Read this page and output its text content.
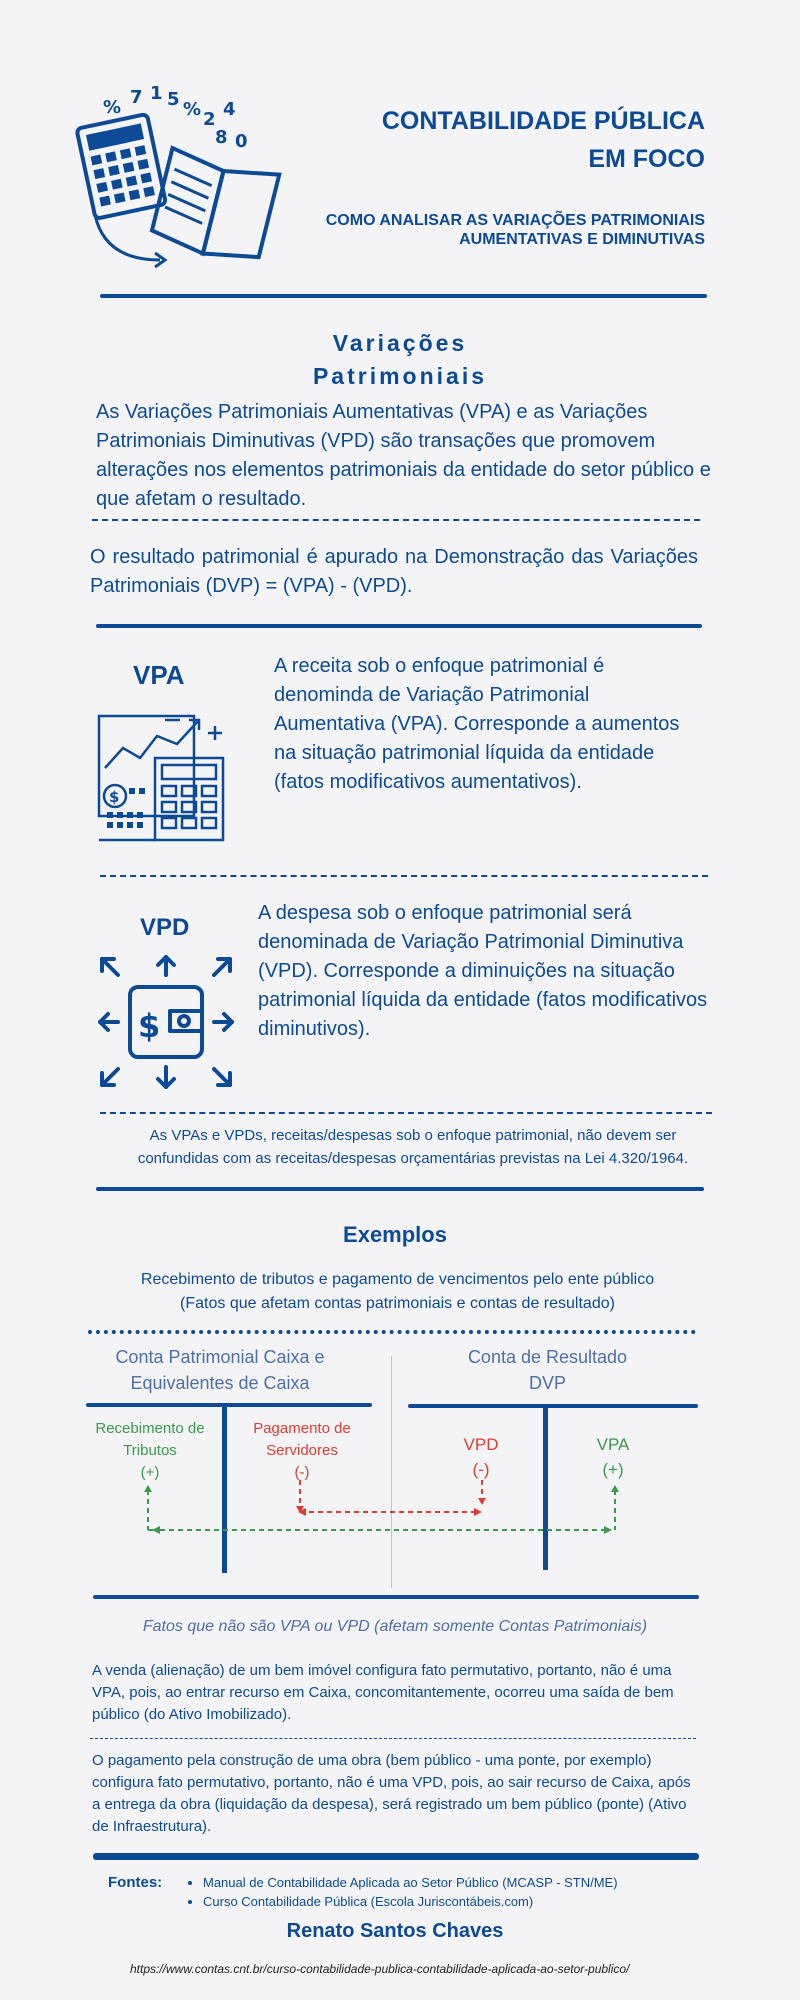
% 7 1 5 % 2 4
8 0
CONTABILIDADE PÚBLICA
EM FOCO
COMO ANALISAR AS VARIAÇÕES PATRIMONIAIS
AUMENTATIVAS E DIMINUTIVAS
Variações
Patrimoniais
As Variações Patrimoniais Aumentativas (VPA) e as Variações Patrimoniais Diminutivas (VPD) são transações que promovem alterações nos elementos patrimoniais da entidade do setor público e que afetam o resultado.
O resultado patrimonial é apurado na Demonstração das Variações Patrimoniais (DVP) = (VPA) - (VPD).
VPA
$
A receita sob o enfoque patrimonial é denominda de Variação Patrimonial Aumentativa (VPA). Corresponde a aumentos na situação patrimonial líquida da entidade (fatos modificativos aumentativos).
VPD
$
A despesa sob o enfoque patrimonial será denominada de Variação Patrimonial Diminutiva (VPD). Corresponde a diminuições na situação patrimonial líquida da entidade (fatos modificativos diminutivos).
As VPAs e VPDs, receitas/despesas sob o enfoque patrimonial, não devem ser confundidas com as receitas/despesas orçamentárias previstas na Lei 4.320/1964.
Exemplos
Recebimento de tributos e pagamento de vencimentos pelo ente público
(Fatos que afetam contas patrimoniais e contas de resultado)
Conta Patrimonial Caixa e
Equivalentes de Caixa
Conta de Resultado
DVP
Recebimento de
Tributos
(+)
Pagamento de
Servidores
(-)
VPD
(-)
VPA
(+)
Fatos que não são VPA ou VPD (afetam somente Contas Patrimoniais)
A venda (alienação) de um bem imóvel configura fato permutativo, portanto, não é uma VPA, pois, ao entrar recurso em Caixa, concomitantemente, ocorreu uma saída de bem público (do Ativo Imobilizado).
O pagamento pela construção de uma obra (bem público - uma ponte, por exemplo) configura fato permutativo, portanto, não é uma VPD, pois, ao sair recurso de Caixa, após a entrega da obra (liquidação da despesa), será registrado um bem público (ponte) (Ativo de Infraestrutura).
Fontes:
•	Manual de Contabilidade Aplicada ao Setor Público (MCASP - STN/ME)
• Curso Contabilidade Pública (Escola Juriscontábeis.com)
Renato Santos Chaves
https://www.contas.cnt.br/curso-contabilidade-publica-contabilidade-aplicada-ao-setor-publico/
